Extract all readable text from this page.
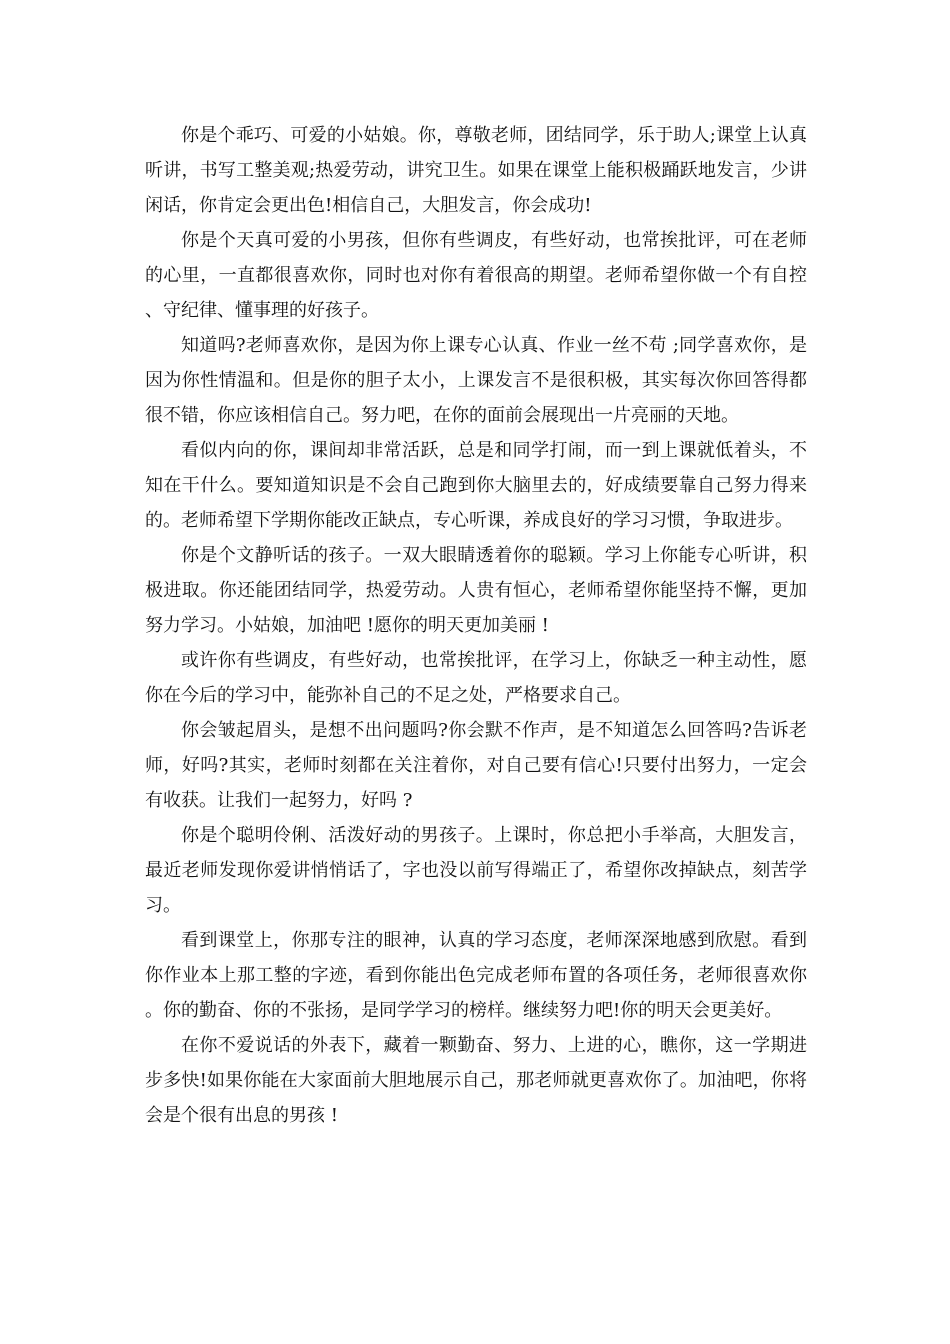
你是个乖巧、可爱的小姑娘。你，尊敬老师，团结同学，乐于助人;课堂上认真听讲，书写工整美观;热爱劳动，讲究卫生。如果在课堂上能积极踊跃地发言，少讲闲话，你肯定会更出色!相信自己，大胆发言，你会成功!

你是个天真可爱的小男孩，但你有些调皮，有些好动，也常挨批评，可在老师的心里，一直都很喜欢你，同时也对你有着很高的期望。老师希望你做一个有自控、守纪律、懂事理的好孩子。

知道吗?老师喜欢你，是因为你上课专心认真、作业一丝不苟 ;同学喜欢你，是因为你性情温和。但是你的胆子太小，上课发言不是很积极，其实每次你回答得都很不错，你应该相信自己。努力吧，在你的面前会展现出一片亮丽的天地。

看似内向的你，课间却非常活跃，总是和同学打闹，而一到上课就低着头，不知在干什么。要知道知识是不会自己跑到你大脑里去的，好成绩要靠自己努力得来的。老师希望下学期你能改正缺点，专心听课，养成良好的学习习惯，争取进步。

你是个文静听话的孩子。一双大眼睛透着你的聪颖。学习上你能专心听讲，积极进取。你还能团结同学，热爱劳动。人贵有恒心，老师希望你能坚持不懈，更加努力学习。小姑娘，加油吧 !愿你的明天更加美丽 !

或许你有些调皮，有些好动，也常挨批评，在学习上，你缺乏一种主动性，愿你在今后的学习中，能弥补自己的不足之处，严格要求自己。

你会皱起眉头，是想不出问题吗?你会默不作声，是不知道怎么回答吗?告诉老师，好吗?其实，老师时刻都在关注着你，对自己要有信心!只要付出努力，一定会有收获。让我们一起努力，好吗 ?

你是个聪明伶俐、活泼好动的男孩子。上课时，你总把小手举高，大胆发言，最近老师发现你爱讲悄悄话了，字也没以前写得端正了，希望你改掉缺点，刻苦学习。

看到课堂上，你那专注的眼神，认真的学习态度，老师深深地感到欣慰。看到你作业本上那工整的字迹，看到你能出色完成老师布置的各项任务，老师很喜欢你。你的勤奋、你的不张扬，是同学学习的榜样。继续努力吧!你的明天会更美好。

在你不爱说话的外表下，藏着一颗勤奋、努力、上进的心，瞧你，这一学期进步多快!如果你能在大家面前大胆地展示自己，那老师就更喜欢你了。加油吧，你将会是个很有出息的男孩 !
